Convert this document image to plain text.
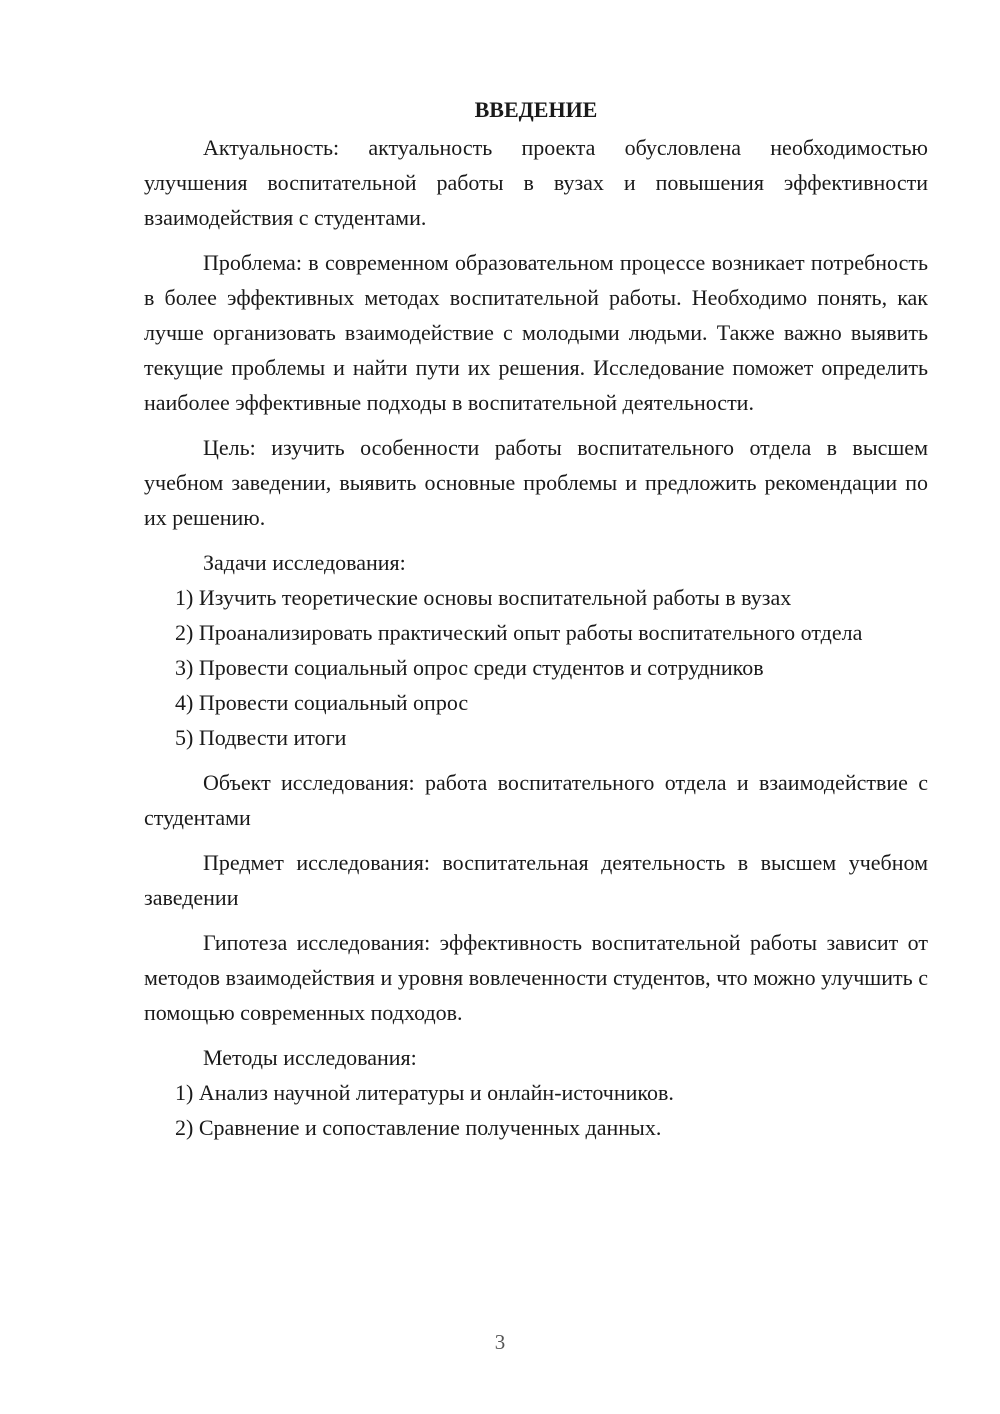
ВВЕДЕНИЕ

Актуальность: актуальность проекта обусловлена необходимостью улучшения воспитательной работы в вузах и повышения эффективности взаимодействия с студентами.

Проблема: в современном образовательном процессе возникает потребность в более эффективных методах воспитательной работы. Необходимо понять, как лучше организовать взаимодействие с молодыми людьми. Также важно выявить текущие проблемы и найти пути их решения. Исследование поможет определить наиболее эффективные подходы в воспитательной деятельности.

Цель: изучить особенности работы воспитательного отдела в высшем учебном заведении, выявить основные проблемы и предложить рекомендации по их решению.

Задачи исследования:

1) Изучить теоретические основы воспитательной работы в вузах

2) Проанализировать практический опыт работы воспитательного отдела

3) Провести социальный опрос среди студентов и сотрудников

4) Провести социальный опрос

5) Подвести итоги

Объект исследования: работа воспитательного отдела и взаимодействие с студентами

Предмет исследования: воспитательная деятельность в высшем учебном заведении

Гипотеза исследования: эффективность воспитательной работы зависит от методов взаимодействия и уровня вовлеченности студентов, что можно улучшить с помощью современных подходов.

Методы исследования:

1) Анализ научной литературы и онлайн-источников.

2) Сравнение и сопоставление полученных данных.

3
